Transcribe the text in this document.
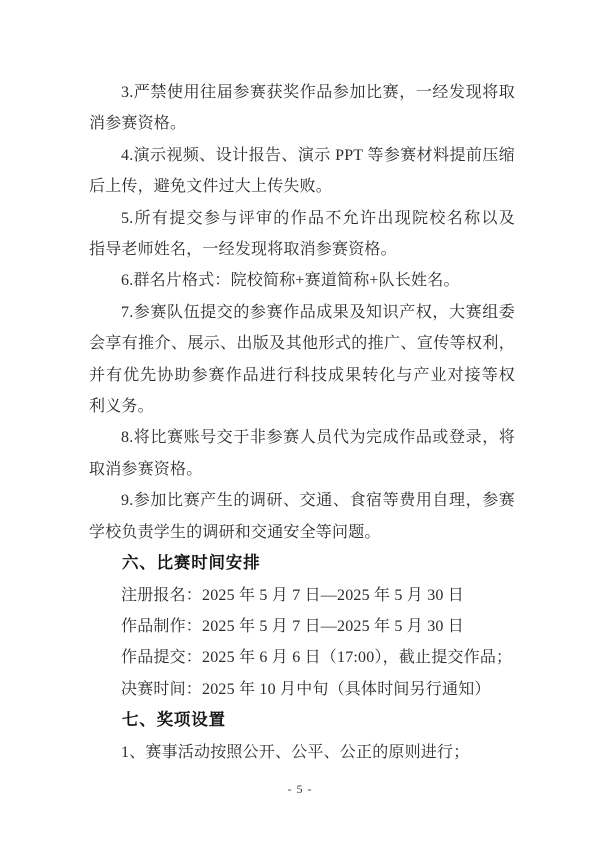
3.严禁使用往届参赛获奖作品参加比赛，一经发现将取
消参赛资格。
4.演示视频、设计报告、演示 PPT 等参赛材料提前压缩
后上传，避免文件过大上传失败。
5.所有提交参与评审的作品不允许出现院校名称以及
指导老师姓名，一经发现将取消参赛资格。
6.群名片格式：院校简称+赛道简称+队长姓名。
7.参赛队伍提交的参赛作品成果及知识产权，大赛组委
会享有推介、展示、出版及其他形式的推广、宣传等权利，
并有优先协助参赛作品进行科技成果转化与产业对接等权
利义务。
8.将比赛账号交于非参赛人员代为完成作品或登录，将
取消参赛资格。
9.参加比赛产生的调研、交通、食宿等费用自理，参赛
学校负责学生的调研和交通安全等问题。
六、比赛时间安排
注册报名：2025 年 5 月 7 日—2025 年 5 月 30 日
作品制作：2025 年 5 月 7 日—2025 年 5 月 30 日
作品提交：2025 年 6 月 6 日（17:00），截止提交作品；
决赛时间：2025 年 10 月中旬（具体时间另行通知）
七、奖项设置
1、赛事活动按照公开、公平、公正的原则进行；
- 5 -
